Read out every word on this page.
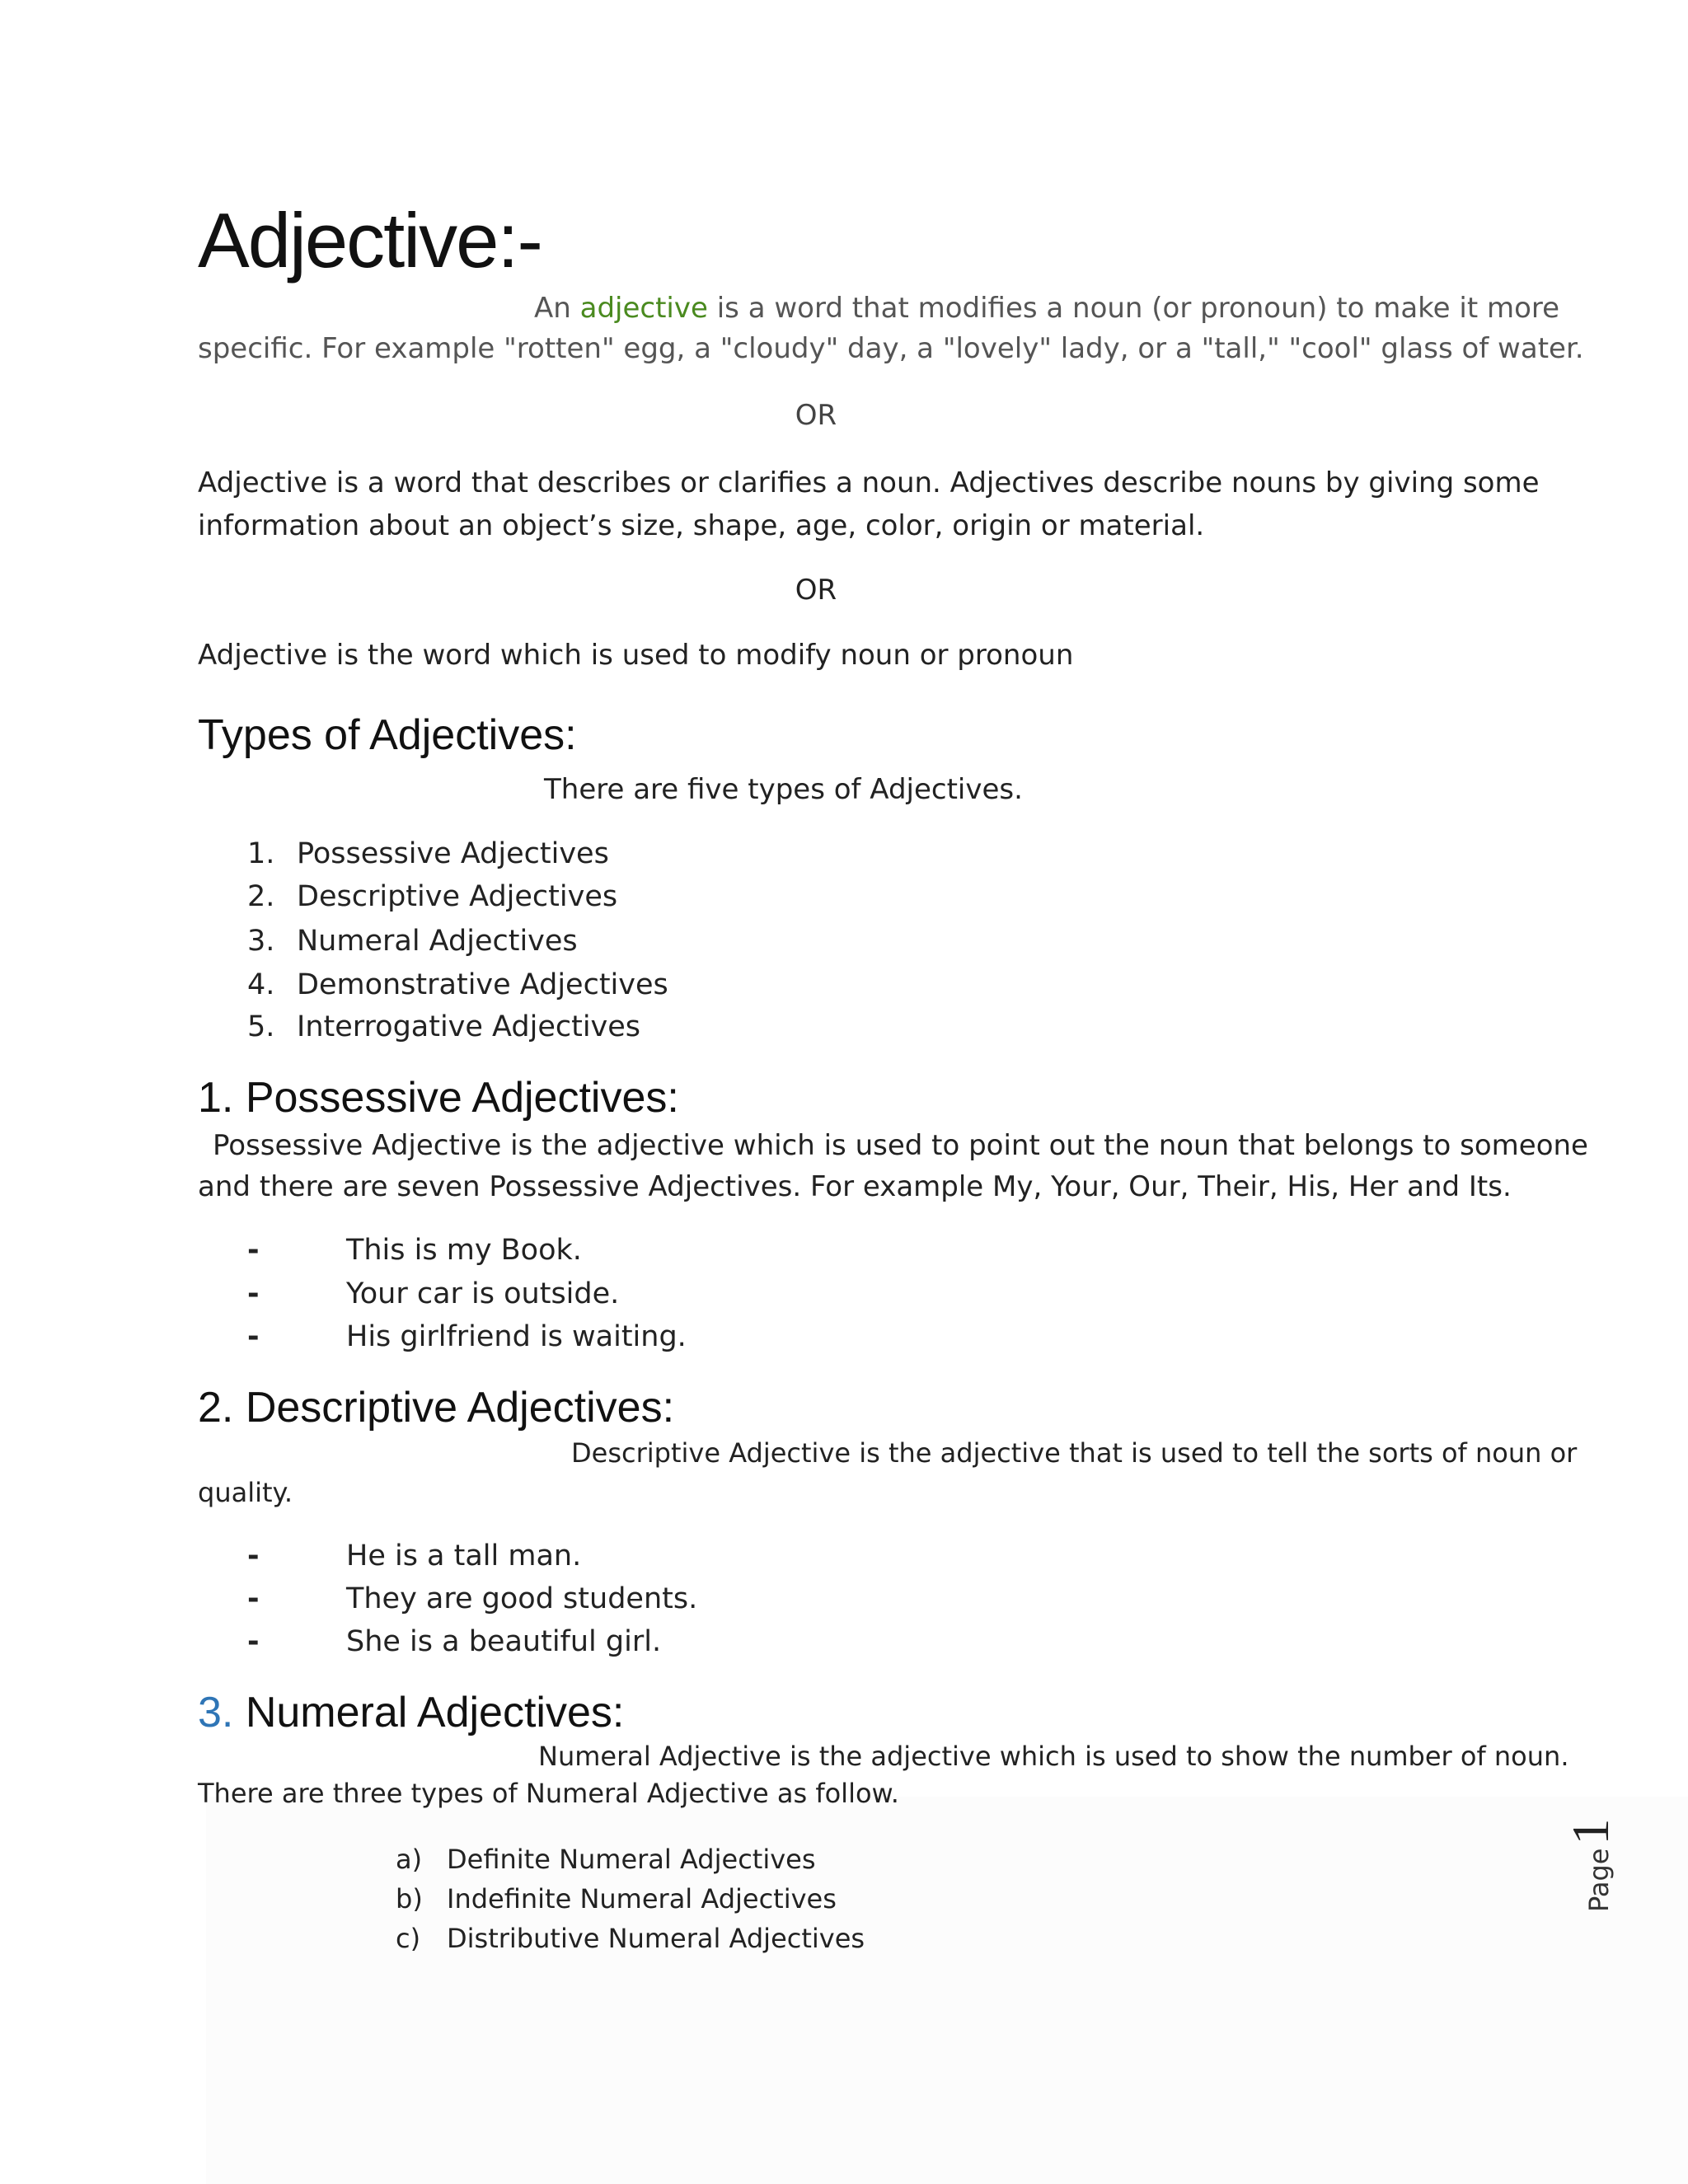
Adjective:-
An adjective is a word that modifies a noun (or pronoun) to make it more
specific. For example "rotten" egg, a "cloudy" day, a "lovely" lady, or a "tall," "cool" glass of water.
OR
Adjective is a word that describes or clarifies a noun. Adjectives describe nouns by giving some
information about an object’s size, shape, age, color, origin or material.
OR
Adjective is the word which is used to modify noun or pronoun
Types of Adjectives:
There are five types of Adjectives.
1. Possessive Adjectives
2. Descriptive Adjectives
3. Numeral Adjectives
4. Demonstrative Adjectives
5. Interrogative Adjectives
1. Possessive Adjectives:
Possessive Adjective is the adjective which is used to point out the noun that belongs to someone
and there are seven Possessive Adjectives. For example My, Your, Our, Their, His, Her and Its.
-	This is my Book.
-	Your car is outside.
-	His girlfriend is waiting.
2. Descriptive Adjectives:
Descriptive Adjective is the adjective that is used to tell the sorts of noun or
quality.
-	He is a tall man.
-	They are good students.
-	She is a beautiful girl.
3. Numeral Adjectives:
Numeral Adjective is the adjective which is used to show the number of noun.
There are three types of Numeral Adjective as follow.
a) Definite Numeral Adjectives
b) Indefinite Numeral Adjectives
c) Distributive Numeral Adjectives
Page1
